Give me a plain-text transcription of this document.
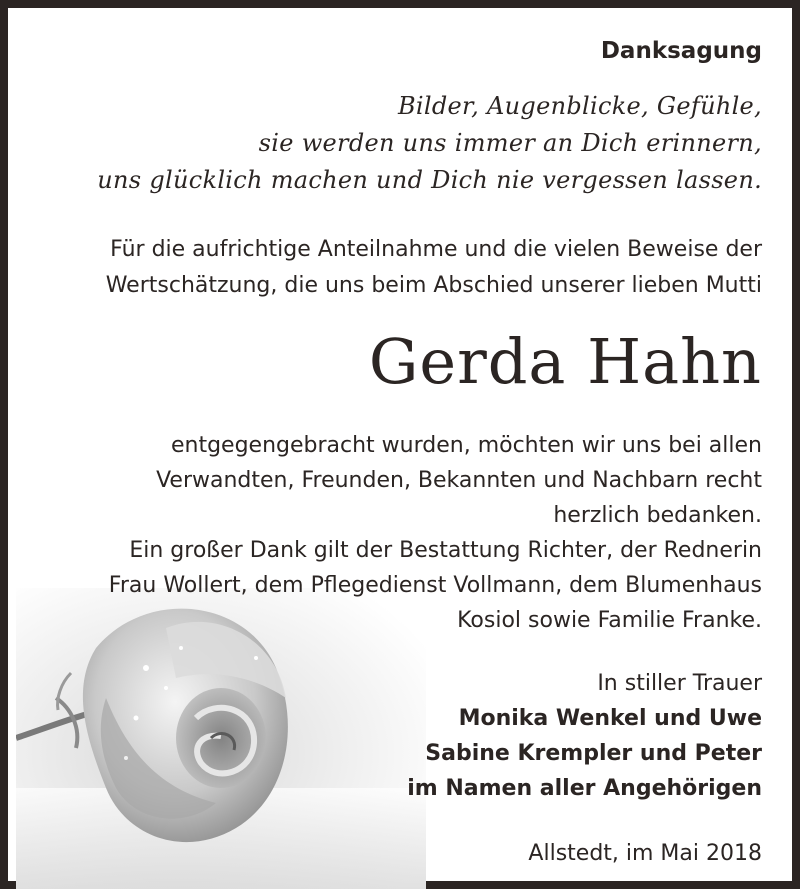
Danksagung
Bilder, Augenblicke, Gefühle,
sie werden uns immer an Dich erinnern,
uns glücklich machen und Dich nie vergessen lassen.
Für die aufrichtige Anteilnahme und die vielen Beweise der
Wertschätzung, die uns beim Abschied unserer lieben Mutti
Gerda Hahn
entgegengebracht wurden, möchten wir uns bei allen
Verwandten, Freunden, Bekannten und Nachbarn recht
herzlich bedanken.
Ein großer Dank gilt der Bestattung Richter, der Rednerin
Frau Wollert, dem Pflegedienst Vollmann, dem Blumenhaus
Kosiol sowie Familie Franke.
In stiller Trauer
Monika Wenkel und Uwe
Sabine Krempler und Peter
im Namen aller Angehörigen
Allstedt, im Mai 2018
